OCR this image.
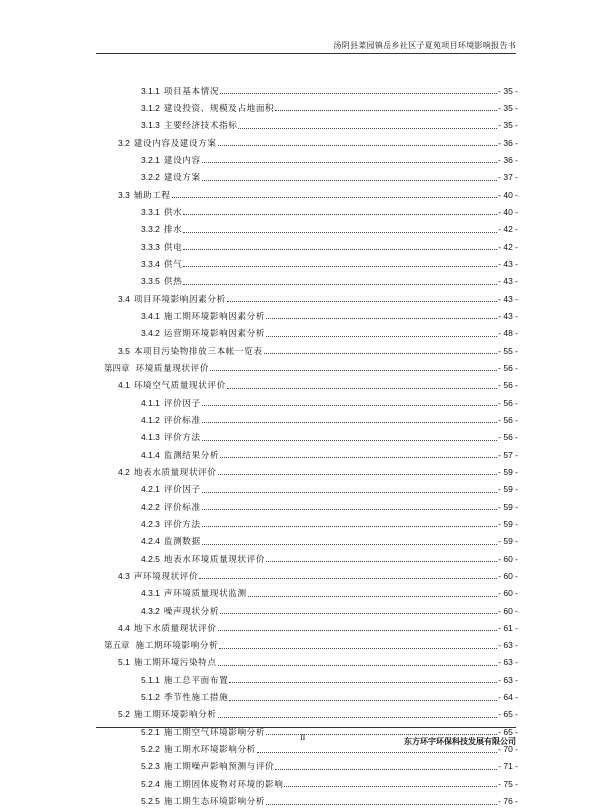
汤阴县菜园镇岳乡社区子夏苑项目环境影响报告书
3.1.1 项目基本情况	- 35 -
3.1.2 建设投资、规模及占地面积	- 35 -
3.1.3 主要经济技术指标	- 35 -
3.2 建设内容及建设方案	- 36 -
3.2.1 建设内容	- 36 -
3.2.2 建设方案	- 37 -
3.3 辅助工程	- 40 -
3.3.1 供水	- 40 -
3.3.2 排水	- 42 -
3.3.3 供电	- 42 -
3.3.4 供气	- 43 -
3.3.5 供热	- 43 -
3.4 项目环境影响因素分析	- 43 -
3.4.1 施工期环境影响因素分析	- 43 -
3.4.2 运营期环境影响因素分析	- 48 -
3.5 本项目污染物排放三本帐一览表	- 55 -
第四章 环境质量现状评价	- 56 -
4.1 环境空气质量现状评价	- 56 -
4.1.1 评价因子	- 56 -
4.1.2 评价标准	- 56 -
4.1.3 评价方法	- 56 -
4.1.4 监测结果分析	- 57 -
4.2 地表水质量现状评价	- 59 -
4.2.1 评价因子	- 59 -
4.2.2 评价标准	- 59 -
4.2.3 评价方法	- 59 -
4.2.4 监测数据	- 59 -
4.2.5 地表水环境质量现状评价	- 60 -
4.3 声环境现状评价	- 60 -
4.3.1 声环境质量现状监测	- 60 -
4.3.2 噪声现状分析	- 60 -
4.4 地下水质量现状评价	- 61 -
第五章 施工期环境影响分析	- 63 -
5.1 施工期环境污染特点	- 63 -
5.1.1 施工总平面布置	- 63 -
5.1.2 季节性施工措施	- 64 -
5.2 施工期环境影响分析	- 65 -
5.2.1 施工期空气环境影响分析	- 65 -
5.2.2 施工期水环境影响分析	- 70 -
5.2.3 施工期噪声影响预测与评价	- 71 -
5.2.4 施工期固体废物对环境的影响	- 75 -
5.2.5 施工期生态环境影响分析	- 76 -
II	东方环宇环保科技发展有限公司
